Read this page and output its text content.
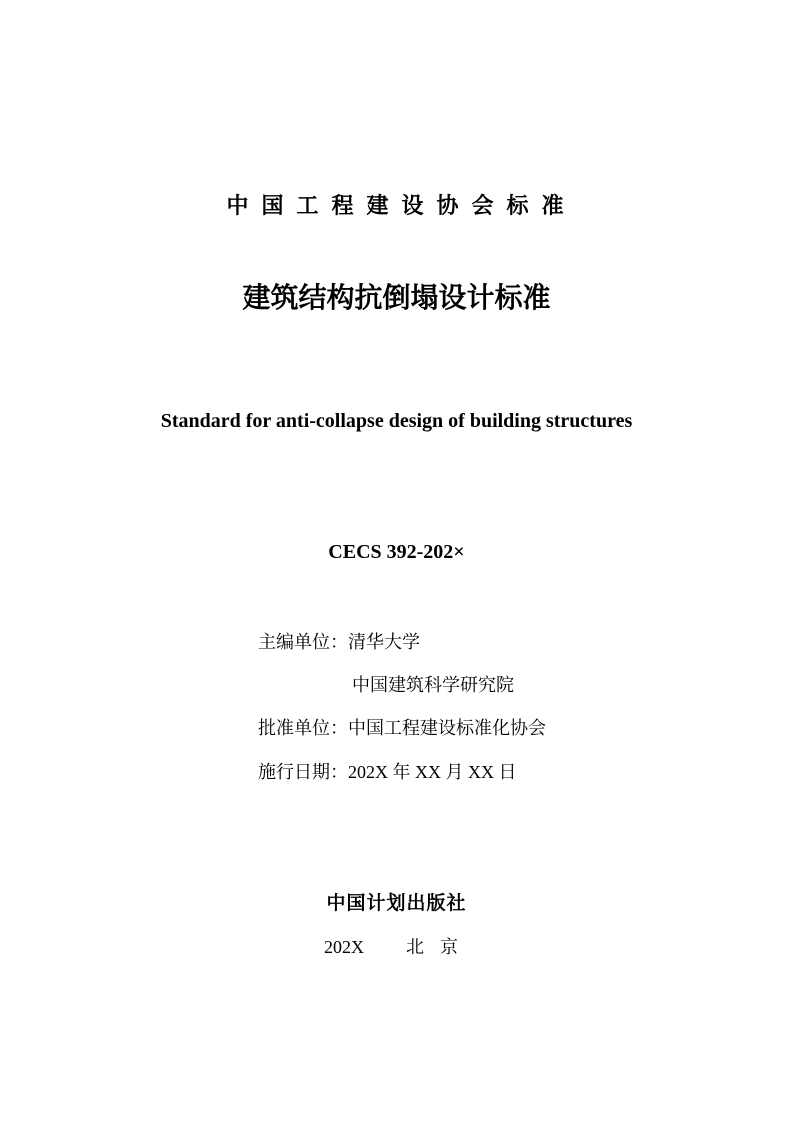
中国工程建设协会标准
建筑结构抗倒塌设计标准
Standard for anti-collapse design of building structures
CECS 392-202×
主编单位：清华大学
中国建筑科学研究院
批准单位：中国工程建设标准化协会
施行日期：202X 年 XX 月 XX 日
中国计划出版社
202X 北京
